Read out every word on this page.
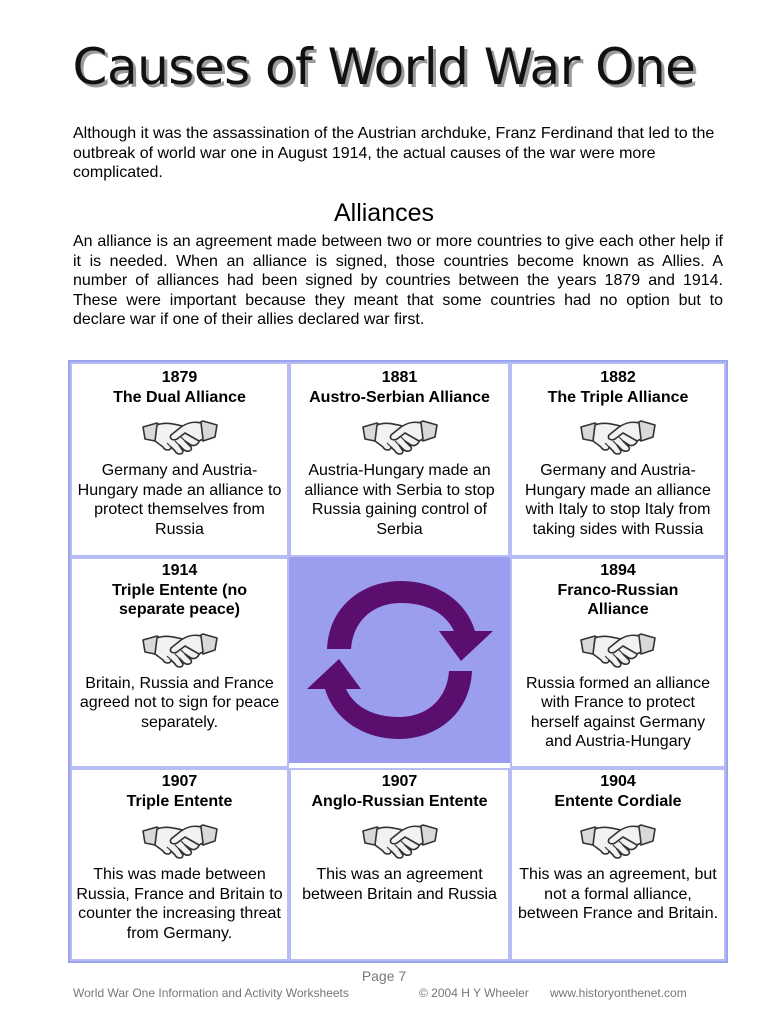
Causes of World War One
Although it was the assassination of the Austrian archduke, Franz Ferdinand that led to the outbreak of world war one in August 1914, the actual causes of the war were more complicated.
Alliances
An alliance is an agreement made between two or more countries to give each other help if it is needed. When an alliance is signed, those countries become known as Allies. A number of alliances had been signed by countries between the years 1879 and 1914. These were important because they meant that some countries had no option but to declare war if one of their allies declared war first.
1879
The Dual Alliance
Germany and Austria-Hungary made an alliance to protect themselves from Russia
1881
Austro-Serbian Alliance
Austria-Hungary made an alliance with Serbia to stop Russia gaining control of Serbia
1882
The Triple Alliance
Germany and Austria-Hungary made an alliance with Italy to stop Italy from taking sides with Russia
1914
Triple Entente (no separate peace)
Britain, Russia and France agreed not to sign for peace separately.
1894
Franco-Russian Alliance
Russia formed an alliance with France to protect herself against Germany and Austria-Hungary
1907
Triple Entente
This was made between Russia, France and Britain to counter the increasing threat from Germany.
1907
Anglo-Russian Entente
This was an agreement between Britain and Russia
1904
Entente Cordiale
This was an agreement, but not a formal alliance, between France and Britain.
Page 7
World War One Information and Activity Worksheets	© 2004 H Y Wheeler www.historyonthenet.com
